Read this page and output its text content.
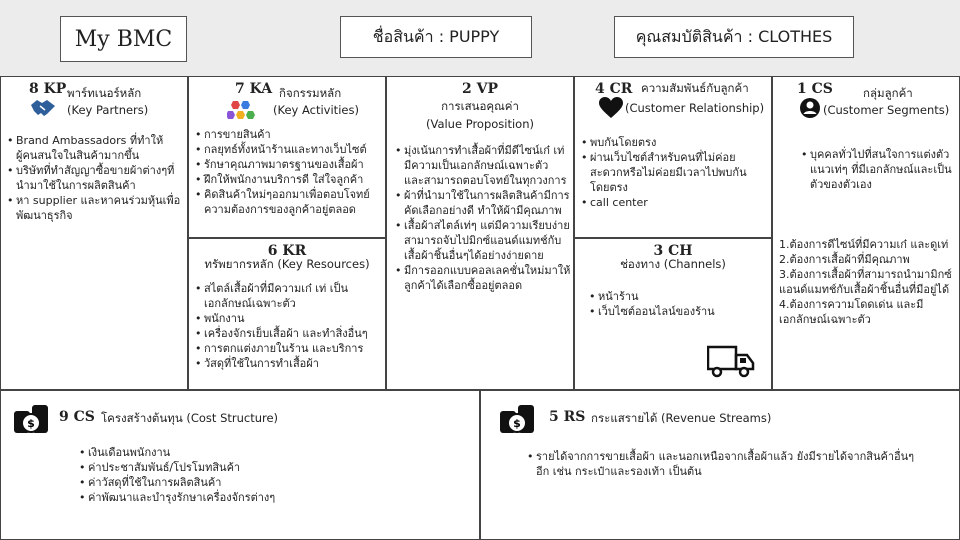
My BMC	ชื่อสินค้า : PUPPY	คุณสมบัติสินค้า : CLOTHES
8 KP พาร์ทเนอร์หลัก
(Key Partners)
• Brand Ambassadors ที่ทำให้ผู้คนสนใจในสินค้ามากขึ้น
• บริษัทที่ทำสัญญาซื้อขายผ้าต่างๆที่นำมาใช้ในการผลิตสินค้า
• หา supplier และหาคนร่วมหุ้นเพื่อพัฒนาธุรกิจ
7 KA กิจกรรมหลัก
(Key Activities)
• การขายสินค้า
• กลยุทธ์ทั้งหน้าร้านและทางเว็บไซต์
• รักษาคุณภาพมาตรฐานของเสื้อผ้า
• ฝึกให้พนักงานบริการดี ใส่ใจลูกค้า
• คิดสินค้าใหม่ๆออกมาเพื่อตอบโจทย์ความต้องการของลูกค้าอยู่ตลอด
6 KR
ทรัพยากรหลัก (Key Resources)
• สไตล์เสื้อผ้าที่มีความเก๋ เท่ เป็นเอกลักษณ์เฉพาะตัว
• พนักงาน
• เครื่องจักรเย็บเสื้อผ้า และทำสิ่งอื่นๆ
• การตกแต่งภายในร้าน และบริการ
• วัสดุที่ใช้ในการทำเสื้อผ้า
2 VP
การเสนอคุณค่า
(Value Proposition)
• มุ่งเน้นการทำเสื้อผ้าที่มีดีไซน์เก๋ เท่ มีความเป็นเอกลักษณ์เฉพาะตัว และสามารถตอบโจทย์ในทุกวงการ
• ผ้าที่นำมาใช้ในการผลิตสินค้ามีการคัดเลือกอย่างดี ทำให้ผ้ามีคุณภาพ
• เสื้อผ้าสไตล์เท่ๆ แต่มีความเรียบง่ายสามารถจับไปมิกซ์แอนด์แมทช์กับเสื้อผ้าชิ้นอื่นๆได้อย่างง่ายดาย
• มีการออกแบบคอลเลคชั่นใหม่มาให้ลูกค้าได้เลือกซื้ออยู่ตลอด
4 CR ความสัมพันธ์กับลูกค้า
(Customer Relationship)
• พบกันโดยตรง
• ผ่านเว็บไซต์สำหรับคนที่ไม่ค่อยสะดวกหรือไม่ค่อยมีเวลาไปพบกันโดยตรง
• call center
3 CH
ช่องทาง (Channels)
• หน้าร้าน
• เว็บไซต์ออนไลน์ของร้าน
1 CS	กลุ่มลูกค้า
(Customer Segments)
• บุคคลทั่วไปที่สนใจการแต่งตัวแนวเท่ๆ ที่มีเอกลักษณ์และเป็นตัวของตัวเอง
1.ต้องการดีไซน์ที่มีความเก๋ และดูเท่
2.ต้องการเสื้อผ้าที่มีคุณภาพ
3.ต้องการเสื้อผ้าที่สามารถนำมามิกซ์แอนด์แมทช์กับเสื้อผ้าชิ้นอื่นที่มีอยู่ได้
4.ต้องการความโดดเด่น และมีเอกลักษณ์เฉพาะตัว
$ 9 CS โครงสร้างต้นทุน (Cost Structure)
• เงินเดือนพนักงาน
• ค่าประชาสัมพันธ์/โปรโมทสินค้า
• ค่าวัสดุที่ใช้ในการผลิตสินค้า
• ค่าพัฒนาและบำรุงรักษาเครื่องจักรต่างๆ
$ 5 RS กระแสรายได้ (Revenue Streams)
• รายได้จากการขายเสื้อผ้า และนอกเหนือจากเสื้อผ้าแล้ว ยังมีรายได้จากสินค้าอื่นๆอีก เช่น กระเป๋าและรองเท้า เป็นต้น
